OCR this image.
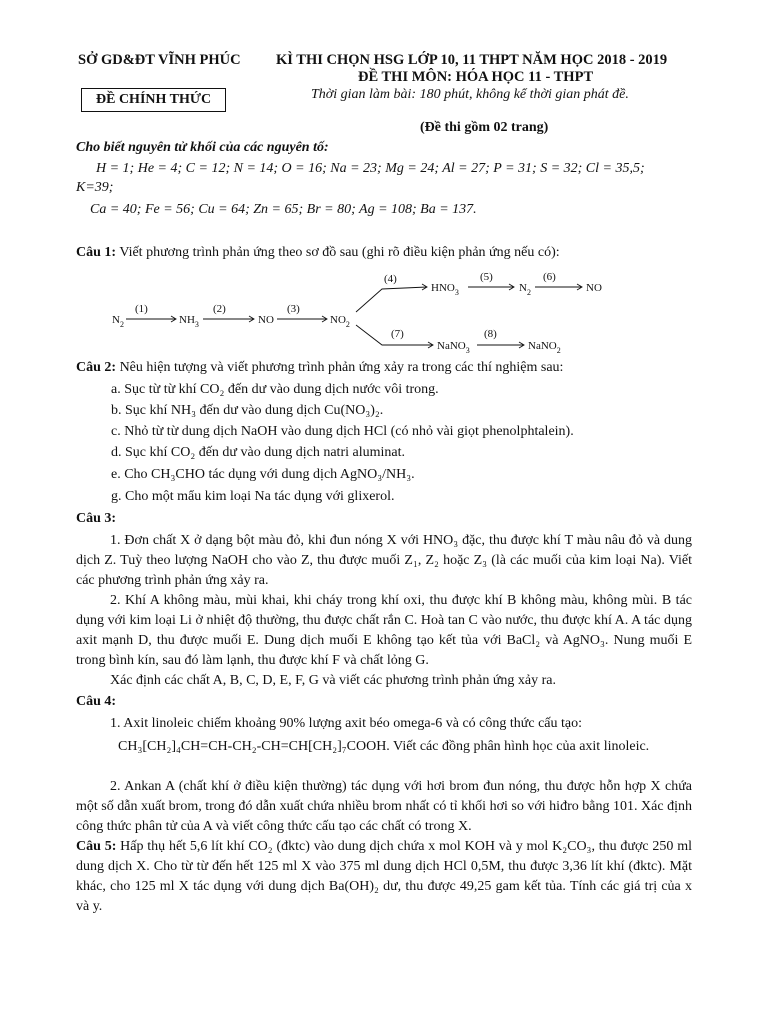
SỞ GD&ĐT VĨNH PHÚC
ĐỀ CHÍNH THỨC
KÌ THI CHỌN HSG LỚP 10, 11 THPT NĂM HỌC 2018 - 2019
ĐỀ THI MÔN: HÓA HỌC 11 - THPT
Thời gian làm bài: 180 phút, không kể thời gian phát đề.
(Đề thi gồm 02 trang)
Cho biết nguyên tử khối của các nguyên tố:
H = 1; He = 4; C = 12; N = 14; O = 16; Na = 23; Mg = 24; Al = 27; P = 31; S = 32; Cl = 35,5;
K=39;
Ca = 40; Fe = 56; Cu = 64; Zn = 65; Br = 80; Ag = 108; Ba = 137.
Câu 1: Viết phương trình phản ứng theo sơ đồ sau (ghi rõ điều kiện phản ứng nếu có):
$N_2$	$NH_3$	NO	$NO_2$
$HNO_3$	$N_2$	NO
NaNO$_3$	NaNO$_2$
(1)	(2)	(3)
(4)	(5)	(6)
(7)	(8)
Câu 2: Nêu hiện tượng và viết phương trình phản ứng xảy ra trong các thí nghiệm sau:
a. Sục từ từ khí CO₂ đến dư vào dung dịch nước vôi trong.
b. Sục khí NH₃ đến dư vào dung dịch Cu(NO₃)₂.
c. Nhỏ từ từ dung dịch NaOH vào dung dịch HCl (có nhỏ vài giọt phenolphtalein).
d. Sục khí CO₂ đến dư vào dung dịch natri aluminat.
e. Cho CH₃CHO tác dụng với dung dịch AgNO₃/NH₃.
g. Cho một mẩu kim loại Na tác dụng với glixerol.
Câu 3:
1. Đơn chất X ở dạng bột màu đỏ, khi đun nóng X với HNO₃ đặc, thu được khí T màu nâu đỏ và dung dịch Z. Tuỳ theo lượng NaOH cho vào Z, thu được muối Z₁, Z₂ hoặc Z₃ (là các muối của kim loại Na). Viết các phương trình phản ứng xảy ra.
2. Khí A không màu, mùi khai, khi cháy trong khí oxi, thu được khí B không màu, không mùi. B tác dụng với kim loại Li ở nhiệt độ thường, thu được chất rắn C. Hoà tan C vào nước, thu được khí A. A tác dụng axit mạnh D, thu được muối E. Dung dịch muối E không tạo kết tủa với BaCl₂ và AgNO₃. Nung muối E trong bình kín, sau đó làm lạnh, thu được khí F và chất lỏng G.
Xác định các chất A, B, C, D, E, F, G và viết các phương trình phản ứng xảy ra.
Câu 4:
1. Axit linoleic chiếm khoảng 90% lượng axit béo omega-6 và có công thức cấu tạo:
CH₃[CH₂]₄CH=CH-CH₂-CH=CH[CH₂]₇COOH. Viết các đồng phân hình học của axit linoleic.
2. Ankan A (chất khí ở điều kiện thường) tác dụng với hơi brom đun nóng, thu được hỗn hợp X chứa một số dẫn xuất brom, trong đó dẫn xuất chứa nhiều brom nhất có tỉ khối hơi so với hiđro bằng 101. Xác định công thức phân tử của A và viết công thức cấu tạo các chất có trong X.
Câu 5: Hấp thụ hết 5,6 lít khí CO₂ (đktc) vào dung dịch chứa x mol KOH và y mol K₂CO₃, thu được 250 ml dung dịch X. Cho từ từ đến hết 125 ml X vào 375 ml dung dịch HCl 0,5M, thu được 3,36 lít khí (đktc). Mặt khác, cho 125 ml X tác dụng với dung dịch Ba(OH)₂ dư, thu được 49,25 gam kết tủa. Tính các giá trị của x và y.
